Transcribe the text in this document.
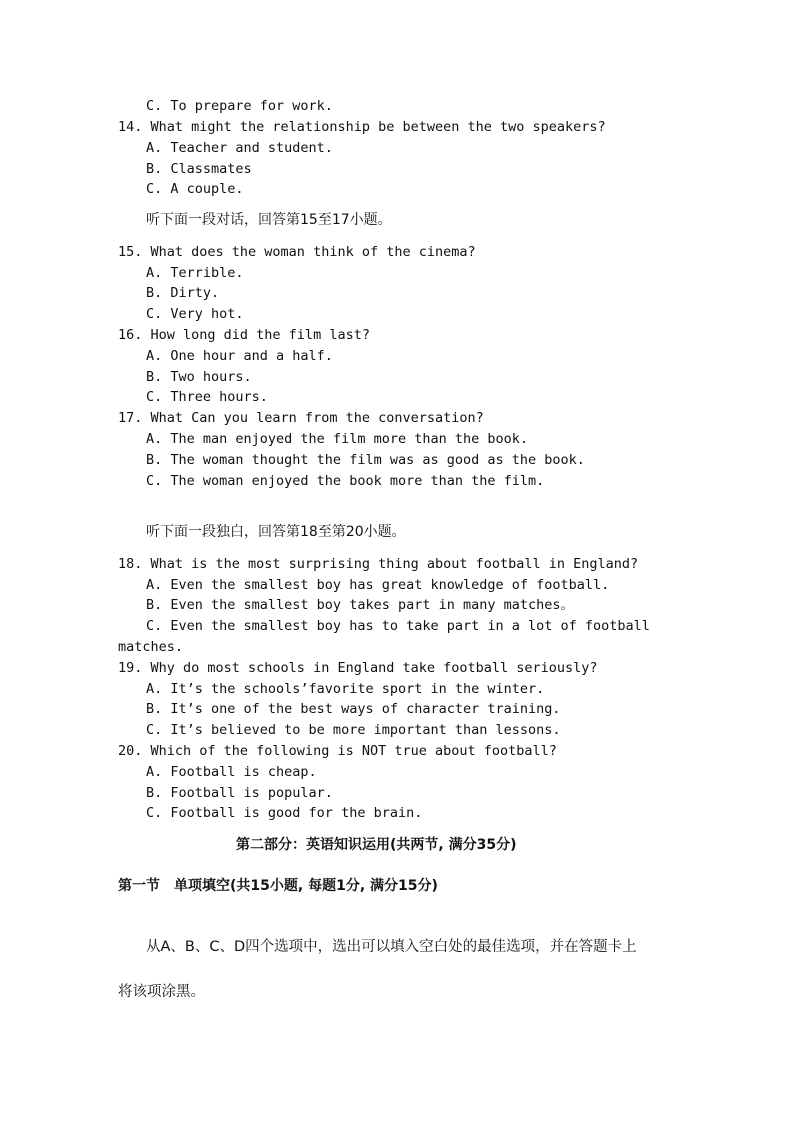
C. To prepare for work.
14. What might the relationship be between the two speakers?
A. Teacher and student.
B. Classmates
C. A couple.
听下面一段对话，回答第15至17小题。
15. What does the woman think of the cinema?
A. Terrible.
B. Dirty.
C. Very hot.
16. How long did the film last?
A. One hour and a half.
B. Two hours.
C. Three hours.
17. What Can you learn from the conversation?
A. The man enjoyed the film more than the book.
B. The woman thought the film was as good as the book.
C. The woman enjoyed the book more than the film.
听下面一段独白，回答第18至第20小题。
18. What is the most surprising thing about football in England?
A. Even the smallest boy has great knowledge of football.
B. Even the smallest boy takes part in many matches。
C. Even the smallest boy has to take part in a lot of football
matches.
19. Why do most schools in England take football seriously?
A. It’s the schools’favorite sport in the winter.
B. It’s one of the best ways of character training.
C. It’s believed to be more important than lessons.
20. Which of the following is NOT true about football?
A. Football is cheap.
B. Football is popular.
C. Football is good for the brain.
第二部分：英语知识运用(共两节, 满分35分)
第一节　单项填空(共15小题, 每题1分, 满分15分)
从A、B、C、D四个选项中，选出可以填入空白处的最佳选项，并在答题卡上
将该项涂黑。
